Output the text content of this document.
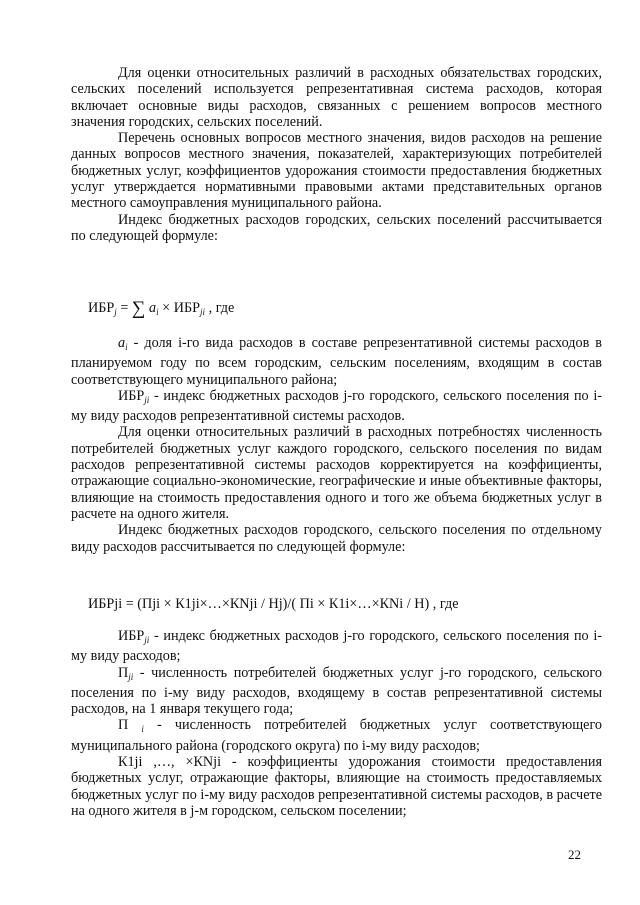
Для оценки относительных различий в расходных обязательствах городских, сельских поселений используется репрезентативная система расходов, которая включает основные виды расходов, связанных с решением вопросов местного значения городских, сельских поселений.

Перечень основных вопросов местного значения, видов расходов на решение данных вопросов местного значения, показателей, характеризующих потребителей бюджетных услуг, коэффициентов удорожания стоимости предоставления бюджетных услуг утверждается нормативными правовыми актами представительных органов местного самоуправления муниципального района.

Индекс бюджетных расходов городских, сельских поселений рассчитывается по следующей формуле:

$ИБР_j$ = ∑ $a_i \times ИБР_{ji}$ , где

$a_i$ - доля i-го вида расходов в составе репрезентативной системы расходов в планируемом году по всем городским, сельским поселениям, входящим в состав соответствующего муниципального района;

$ИБР_{ji}$ - индекс бюджетных расходов j-го городского, сельского поселения по i-му виду расходов репрезентативной системы расходов.

Для оценки относительных различий в расходных потребностях численность потребителей бюджетных услуг каждого городского, сельского поселения по видам расходов репрезентативной системы расходов корректируется на коэффициенты, отражающие социально-экономические, географические и иные объективные факторы, влияющие на стоимость предоставления одного и того же объема бюджетных услуг в расчете на одного жителя.

Индекс бюджетных расходов городского, сельского поселения по отдельному виду расходов рассчитывается по следующей формуле:

ИБРji = (Пji × К1ji×…×КNji / Нj)/( Пi × К1i×…×КNi / Н) , где

$ИБР_{ji}$ - индекс бюджетных расходов j-го городского, сельского поселения по i-му виду расходов;

$П_{ji}$ - численность потребителей бюджетных услуг j-го городского, сельского поселения по i-му виду расходов, входящему в состав репрезентативной системы расходов, на 1 января текущего года;

П $_i$ - численность потребителей бюджетных услуг соответствующего муниципального района (городского округа) по i-му виду расходов;

К1ji ,…, ×КNji - коэффициенты удорожания стоимости предоставления бюджетных услуг, отражающие факторы, влияющие на стоимость предоставляемых бюджетных услуг по i-му виду расходов репрезентативной системы расходов, в расчете на одного жителя в j-м городском, сельском поселении;

22
